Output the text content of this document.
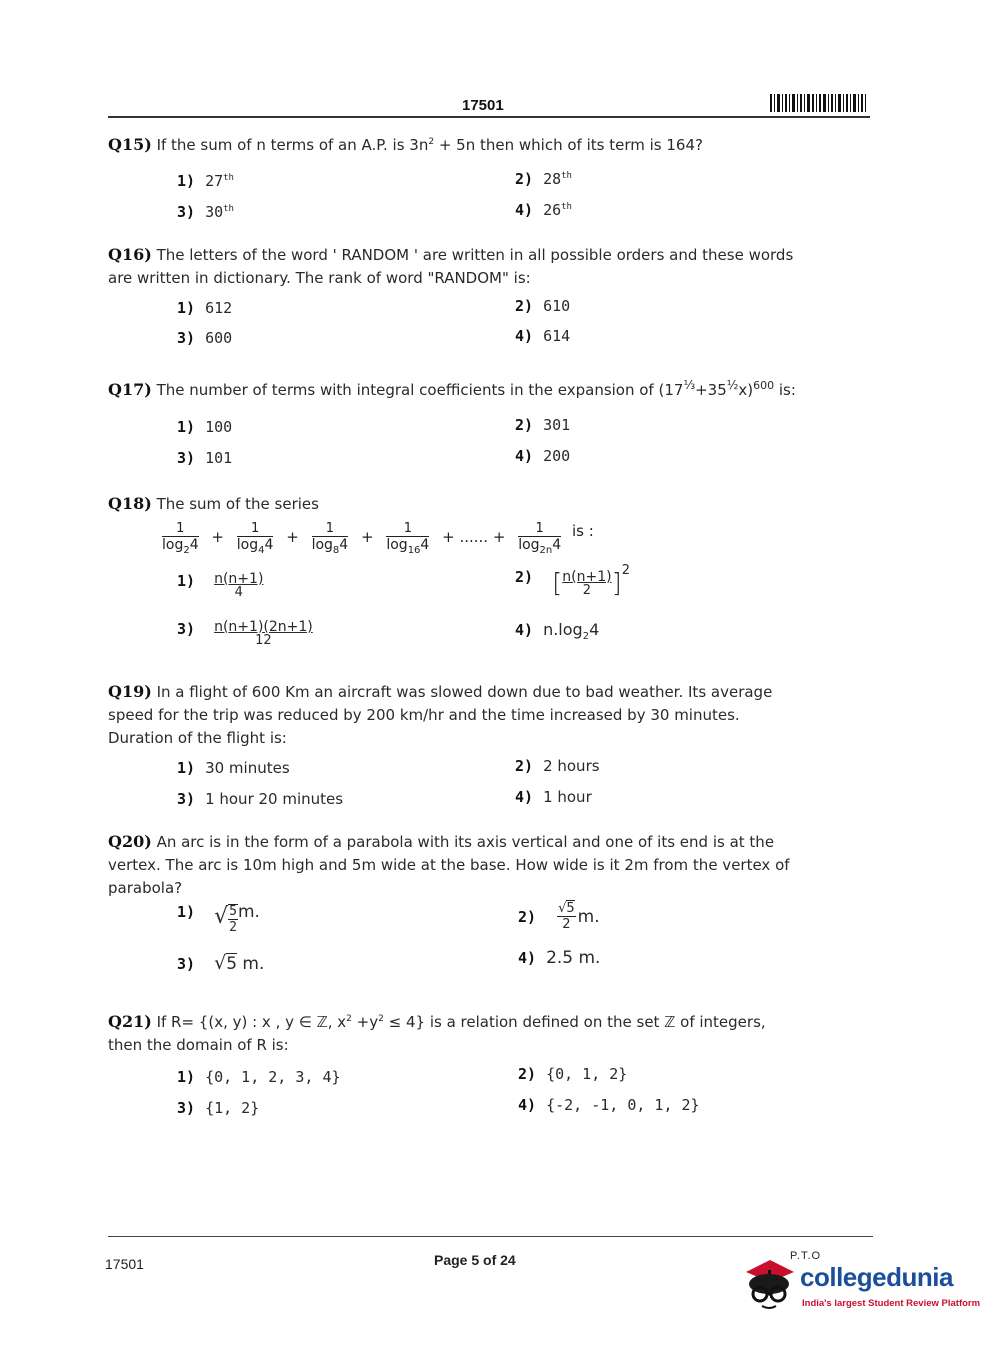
17501
Q15) If the sum of n terms of an A.P. is $3n^2 + 5n$ then which of its term is 164?
1) 27th	2) 28th
3) 30th	4) 26th
Q16) The letters of the word ' RANDOM ' are written in all possible orders and these words
are written in dictionary. The rank of word "RANDOM" is:
1) 612	2) 610
3) 600	4) 614
Q17) The number of terms with integral coefficients in the expansion of $(17^{\frac{1}{3}}+35^{\frac{1}{2}}x)^{600}$ is:
1) 100	2) 301
3) 101	4) 200
Q18) The sum of the series
$\frac{1}{\log_24} + \frac{1}{\log_44} + \frac{1}{\log_84} + \frac{1}{\log_{16}4}$ + ...... + $\frac{1}{\log_{2n}4}$ is :
$1) \frac{n(n+1)}{4}$	2) [ $\frac{n(n+1)}{2} ]^2$
$3) \frac{n(n+1)(2n+1)}{12}$	4) $n.\log_24$
Q19) In a flight of 600 Km an aircraft was slowed down due to bad weather. Its average
speed for the trip was reduced by 200 km/hr and the time increased by 30 minutes.
Duration of the flight is:
1) 30 minutes	2) 2 hours
3) 1 hour 20 minutes	4) 1 hour
Q20) An arc is in the form of a parabola with its axis vertical and one of its end is at the
vertex. The arc is 10m high and 5m wide at the base. How wide is it 2m from the vertex of
parabola?
1) √ $\frac{5}{2} m$.	$2) \frac{√5}{2} m$.
3) √5 m.	4) 2.5 m.
Q21) If R= {(x, y) : x , y ∈ ℤ, $x^2 +y^2 \le 4$} is a relation defined on the set ℤ of integers,
then the domain of R is:
1) {0, 1, 2, 3, 4}	2) {0, 1, 2}
3) {1, 2}	4) {-2, -1, 0, 1, 2}
17501	Page 5 of 24	P.T.O
collegedunia
India's largest Student Review Platform
